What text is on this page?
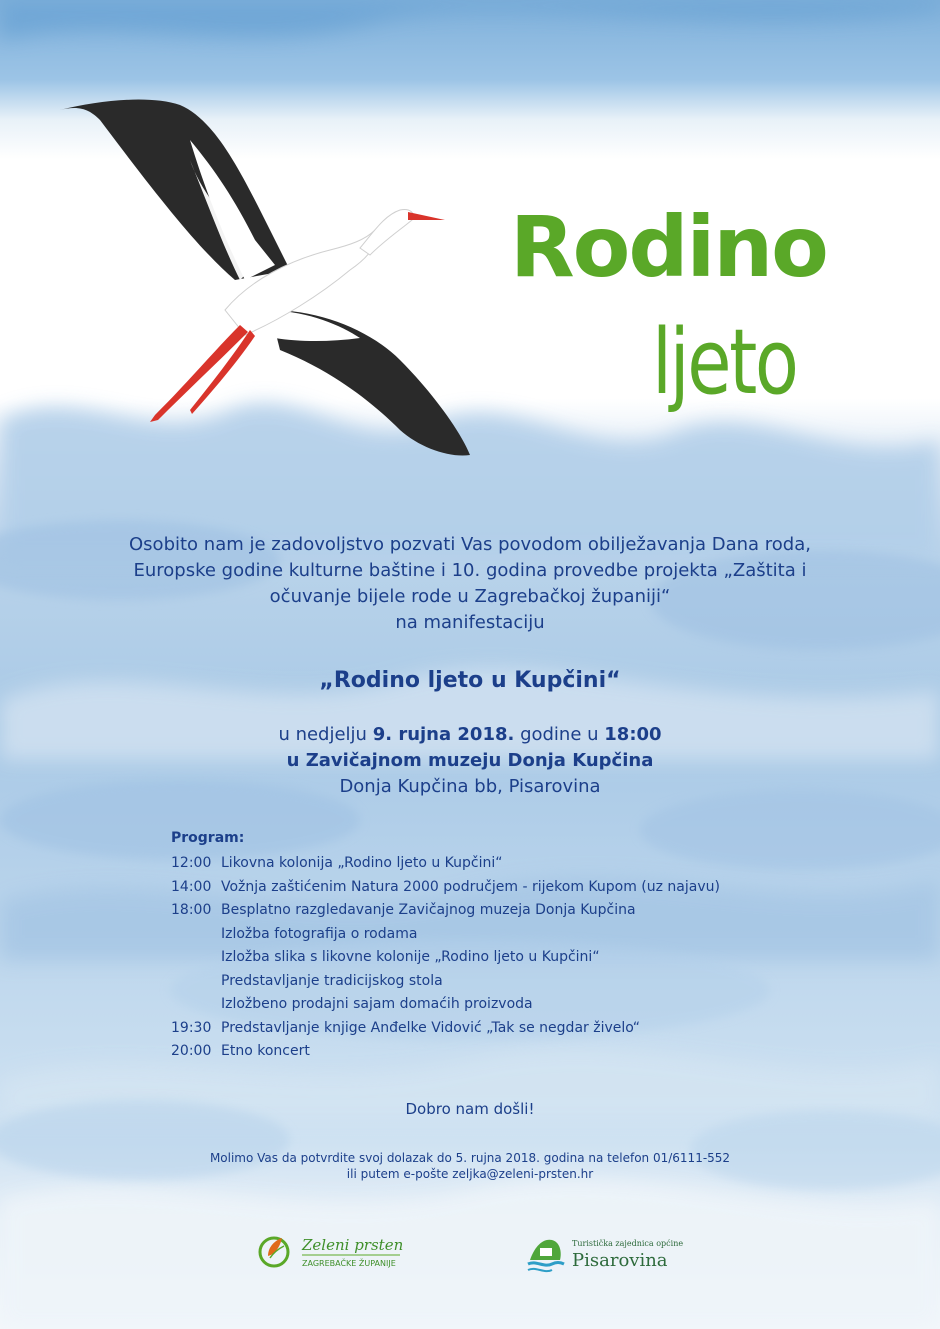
Rodino
ljeto
Osobito nam je zadovoljstvo pozvati Vas povodom obilježavanja Dana roda,
Europske godine kulturne baštine i 10. godina provedbe projekta „Zaštita i
očuvanje bijele rode u Zagrebačkoj županiji“
na manifestaciju
„Rodino ljeto u Kupčini“
u nedjelju 9. rujna 2018. godine u 18:00
u Zavičajnom muzeju Donja Kupčina
Donja Kupčina bb, Pisarovina
Program:
12:00 Likovna kolonija „Rodino ljeto u Kupčini“
14:00 Vožnja zaštićenim Natura 2000 područjem - rijekom Kupom (uz najavu)
18:00 Besplatno razgledavanje Zavičajnog muzeja Donja Kupčina
Izložba fotografija o rodama
Izložba slika s likovne kolonije „Rodino ljeto u Kupčini“
Predstavljanje tradicijskog stola
Izložbeno prodajni sajam domaćih proizvoda
19:30 Predstavljanje knjige Anđelke Vidović „Tak se negdar živelo“
20:00 Etno koncert
Dobro nam došli!
Molimo Vas da potvrdite svoj dolazak do 5. rujna 2018. godina na telefon 01/6111-552
ili putem e-pošte zeljka@zeleni-prsten.hr
Zeleni prsten
ZAGREBAČKE ŽUPANIJE
Turistička zajednica općine
Pisarovina
